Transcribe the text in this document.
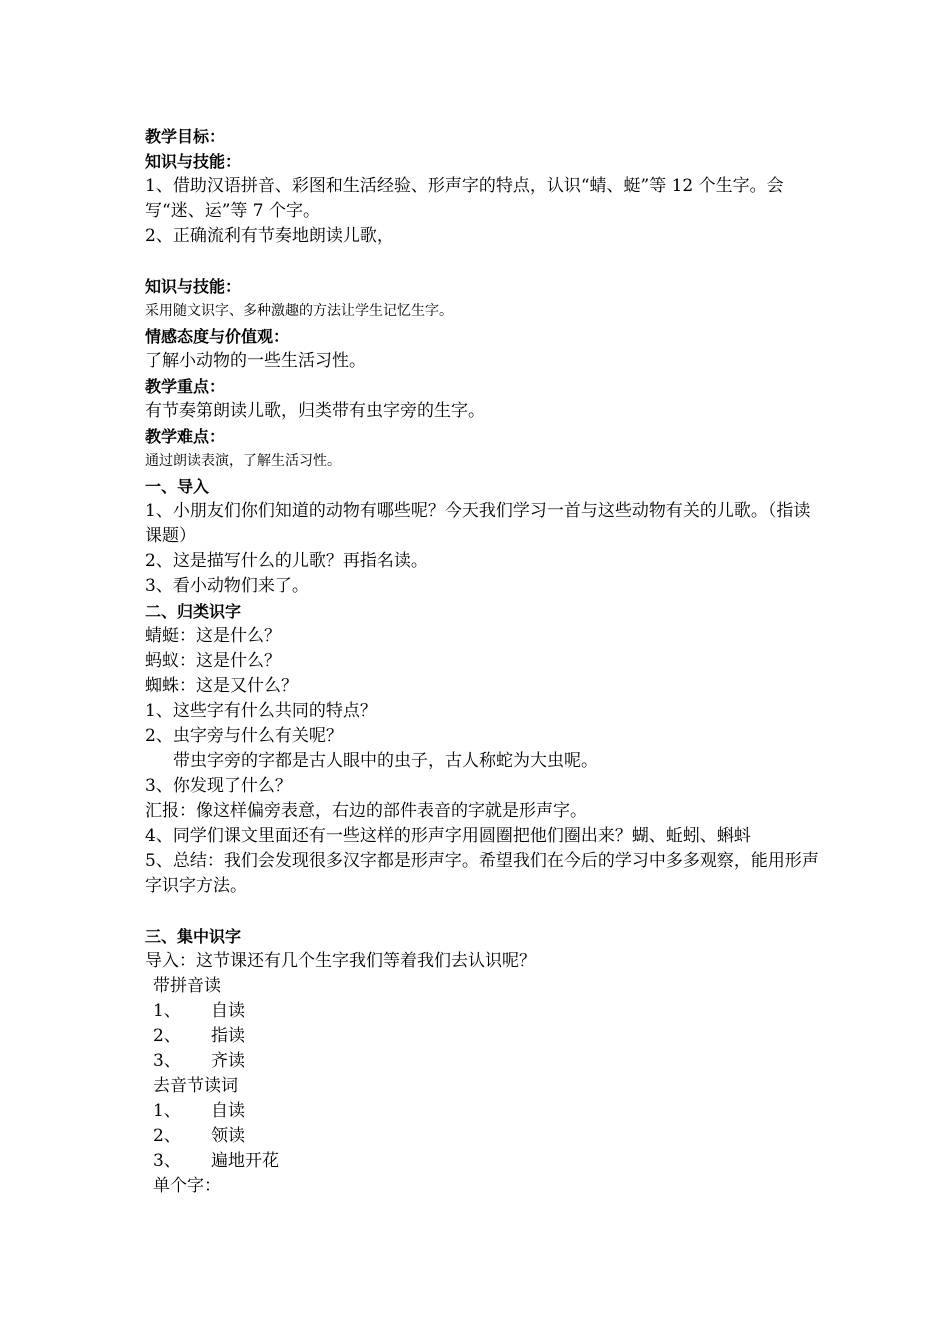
教学目标：
知识与技能：
1、借助汉语拼音、彩图和生活经验、形声字的特点，认识“蜻、蜓”等 12 个生字。会写“迷、运”等 7 个字。
2、正确流利有节奏地朗读儿歌，
知识与技能：
采用随文识字、多种激趣的方法让学生记忆生字。
情感态度与价值观：
了解小动物的一些生活习性。
教学重点：
有节奏第朗读儿歌，归类带有虫字旁的生字。
教学难点：
通过朗读表演，了解生活习性。
一、导入
1、小朋友们你们知道的动物有哪些呢？今天我们学习一首与这些动物有关的儿歌。（指读课题）
2、这是描写什么的儿歌？再指名读。
3、看小动物们来了。
二、归类识字
蜻蜓：这是什么？
蚂蚁：这是什么？
蜘蛛：这是又什么？
1、这些字有什么共同的特点？
2、虫字旁与什么有关呢？
带虫字旁的字都是古人眼中的虫子，古人称蛇为大虫呢。
3、你发现了什么？
汇报：像这样偏旁表意，右边的部件表音的字就是形声字。
4、同学们课文里面还有一些这样的形声字用圆圈把他们圈出来？蝴、蚯蚓、蝌蚪
5、总结：我们会发现很多汉字都是形声字。希望我们在今后的学习中多多观察，能用形声字识字方法。
三、集中识字
导入：这节课还有几个生字我们等着我们去认识呢？
带拼音读
1、 自读
2、 指读
3、 齐读
去音节读词
1、 自读
2、 领读
3、 遍地开花
单个字：
